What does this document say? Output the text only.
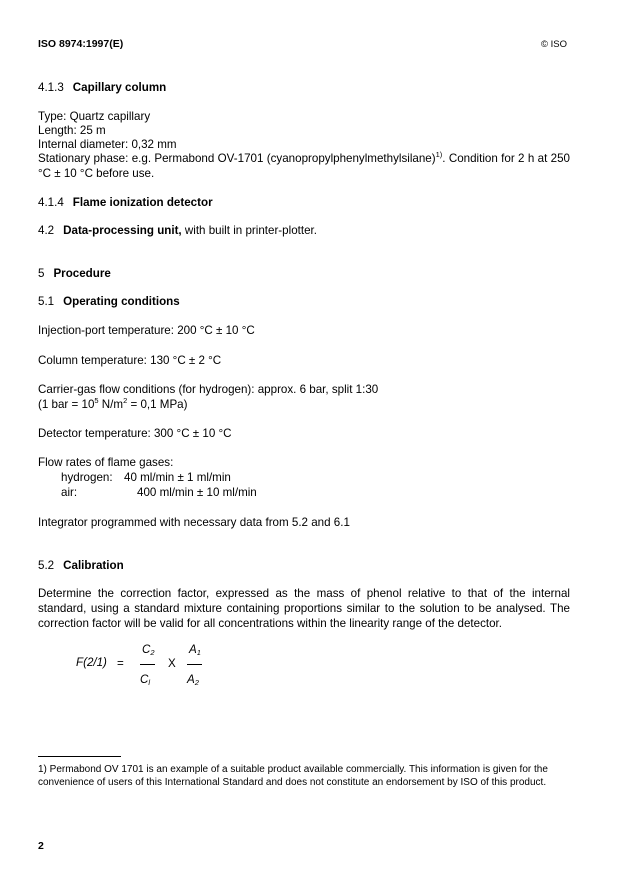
ISO 8974:1997(E)	© ISO
4.1.3 Capillary column
Type: Quartz capillary
Length: 25 m
Internal diameter: 0,32 mm
Stationary phase: e.g. Permabond OV-1701 (cyanopropylphenylmethylsilane)$^{1)}$. Condition for 2 h at 250 °C ± 10 °C before use.
4.1.4 Flame ionization detector
4.2 Data-processing unit, with built in printer-plotter.
5 Procedure
5.1 Operating conditions
Injection-port temperature: 200 °C ± 10 °C
Column temperature: 130 °C ± 2 °C
Carrier-gas flow conditions (for hydrogen): approx. 6 bar, split 1:30
(1 bar = $10^5$ $N/m^2 = 0,1$ MPa)
Detector temperature: 300 °C ± 10 °C
Flow rates of flame gases:
hydrogen: 40 ml/min ± 1 ml/min
air:	400 ml/min ± 10 ml/min
Integrator programmed with necessary data from 5.2 and 6.1
5.2 Calibration
Determine the correction factor, expressed as the mass of phenol relative to that of the internal standard, using a standard mixture containing proportions similar to the solution to be analysed. The correction factor will be valid for all concentrations within the linearity range of the detector.
F(2/1) =
$C_2$
$C_l$
X
$A_1$
$A_2$
1) Permabond OV 1701 is an example of a suitable product available commercially. This information is given for the convenience of users of this International Standard and does not constitute an endorsement by ISO of this product.
2
